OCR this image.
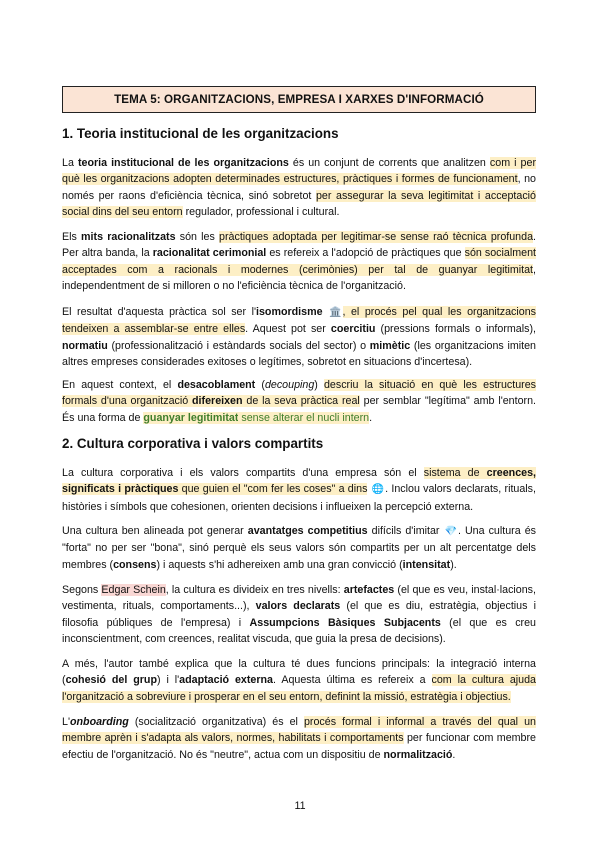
TEMA 5: ORGANITZACIONS, EMPRESA I XARXES D'INFORMACIÓ
1. Teoria institucional de les organitzacions

La teoria institucional de les organitzacions és un conjunt de corrents que analitzen com i per què les organitzacions adopten determinades estructures, pràctiques i formes de funcionament, no només per raons d'eficiència tècnica, sinó sobretot per assegurar la seva legitimitat i acceptació social dins del seu entorn regulador, professional i cultural.

Els mits racionalitzats són les pràctiques adoptada per legitimar-se sense raó tècnica profunda. Per altra banda, la racionalitat cerimonial es refereix a l'adopció de pràctiques que són socialment acceptades com a racionals i modernes (cerimònies) per tal de guanyar legitimitat, independentment de si milloren o no l'eficiència tècnica de l'organització.

El resultat d'aquesta pràctica sol ser l'isomordisme 🏛️, el procés pel qual les organitzacions tendeixen a assemblar-se entre elles. Aquest pot ser coercitiu (pressions formals o informals), normatiu (professionalització i estàndards socials del sector) o mimètic (les organitzacions imiten altres empreses considerades exitoses o legítimes, sobretot en situacions d'incertesa).

En aquest context, el desacoblament (decouping) descriu la situació en què les estructures formals d'una organització difereixen de la seva pràctica real per semblar "legítima" amb l'entorn. És una forma de guanyar legitimitat sense alterar el nucli intern.

2. Cultura corporativa i valors compartits

La cultura corporativa i els valors compartits d'una empresa són el sistema de creences, significats i pràctiques que guien el "com fer les coses" a dins 🌐. Inclou valors declarats, rituals, històries i símbols que cohesionen, orienten decisions i influeixen la percepció externa.

Una cultura ben alineada pot generar avantatges competitius difícils d'imitar 💎. Una cultura és "forta" no per ser "bona", sinó perquè els seus valors són compartits per un alt percentatge dels membres (consens) i aquests s'hi adhereixen amb una gran convicció (intensitat).

Segons Edgar Schein, la cultura es divideix en tres nivells: artefactes (el que es veu, instal·lacions, vestimenta, rituals, comportaments...), valors declarats (el que es diu, estratègia, objectius i filosofia públiques de l'empresa) i Assumpcions Bàsiques Subjacents (el que es creu inconscientment, com creences, realitat viscuda, que guia la presa de decisions).

A més, l'autor també explica que la cultura té dues funcions principals: la integració interna (cohesió del grup) i l'adaptació externa. Aquesta última es refereix a com la cultura ajuda l'organització a sobreviure i prosperar en el seu entorn, definint la missió, estratègia i objectius.

L'onboarding (socialització organitzativa) és el procés formal i informal a través del qual un membre aprèn i s'adapta als valors, normes, habilitats i comportaments per funcionar com membre efectiu de l'organització. No és "neutre", actua com un dispositiu de normalització.

11
